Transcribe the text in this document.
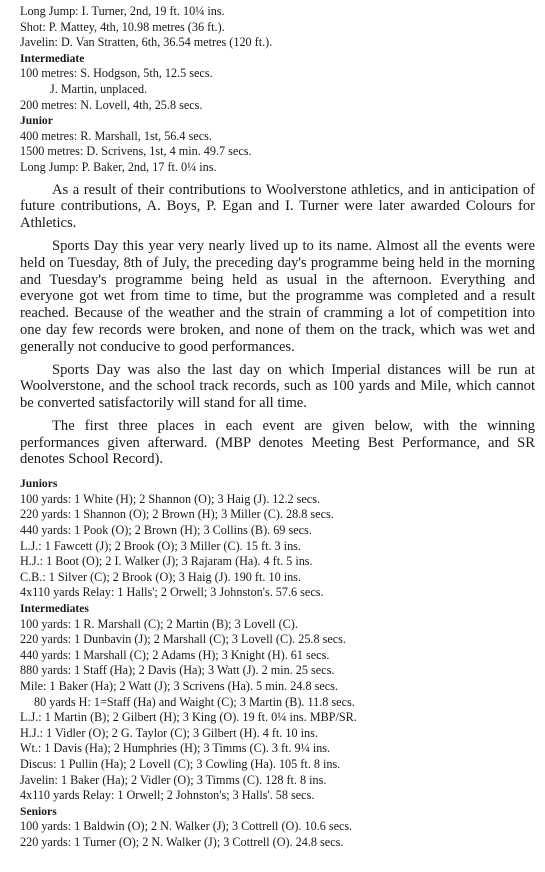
Long Jump: I. Turner, 2nd, 19 ft. 10¼ ins.
Shot: P. Mattey, 4th, 10.98 metres (36 ft.).
Javelin: D. Van Stratten, 6th, 36.54 metres (120 ft.).
Intermediate
100 metres: S. Hodgson, 5th, 12.5 secs.
J. Martin, unplaced.
200 metres: N. Lovell, 4th, 25.8 secs.
Junior
400 metres: R. Marshall, 1st, 56.4 secs.
1500 metres: D. Scrivens, 1st, 4 min. 49.7 secs.
Long Jump: P. Baker, 2nd, 17 ft. 0¼ ins.

As a result of their contributions to Woolverstone athletics, and in anticipation of future contributions, A. Boys, P. Egan and I. Turner were later awarded Colours for Athletics.

Sports Day this year very nearly lived up to its name. Almost all the events were held on Tuesday, 8th of July, the preceding day's programme being held in the morning and Tuesday's programme being held as usual in the afternoon. Everything and everyone got wet from time to time, but the programme was completed and a result reached. Because of the weather and the strain of cramming a lot of competition into one day few records were broken, and none of them on the track, which was wet and generally not conducive to good performances.

Sports Day was also the last day on which Imperial distances will be run at Woolverstone, and the school track records, such as 100 yards and Mile, which cannot be converted satisfactorily will stand for all time.

The first three places in each event are given below, with the winning performances given afterward. (MBP denotes Meeting Best Performance, and SR denotes School Record).

Juniors
100 yards: 1 White (H); 2 Shannon (O); 3 Haig (J). 12.2 secs.
220 yards: 1 Shannon (O); 2 Brown (H); 3 Miller (C). 28.8 secs.
440 yards: 1 Pook (O); 2 Brown (H); 3 Collins (B). 69 secs.
L.J.: 1 Fawcett (J); 2 Brook (O); 3 Miller (C). 15 ft. 3 ins.
H.J.: 1 Boot (O); 2 I. Walker (J); 3 Rajaram (Ha). 4 ft. 5 ins.
C.B.: 1 Silver (C); 2 Brook (O); 3 Haig (J). 190 ft. 10 ins.
4x110 yards Relay: 1 Halls'; 2 Orwell; 3 Johnston's. 57.6 secs.
Intermediates
100 yards: 1 R. Marshall (C); 2 Martin (B); 3 Lovell (C).
220 yards: 1 Dunbavin (J); 2 Marshall (C); 3 Lovell (C). 25.8 secs.
440 yards: 1 Marshall (C); 2 Adams (H); 3 Knight (H). 61 secs.
880 yards: 1 Staff (Ha); 2 Davis (Ha); 3 Watt (J). 2 min. 25 secs.
Mile: 1 Baker (Ha); 2 Watt (J); 3 Scrivens (Ha). 5 min. 24.8 secs.
80 yards H: 1=Staff (Ha) and Waight (C); 3 Martin (B). 11.8 secs.
L.J.: 1 Martin (B); 2 Gilbert (H); 3 King (O). 19 ft. 0¼ ins. MBP/SR.
H.J.: 1 Vidler (O); 2 G. Taylor (C); 3 Gilbert (H). 4 ft. 10 ins.
Wt.: 1 Davis (Ha); 2 Humphries (H); 3 Timms (C). 3 ft. 9¼ ins.
Discus: 1 Pullin (Ha); 2 Lovell (C); 3 Cowling (Ha). 105 ft. 8 ins.
Javelin: 1 Baker (Ha); 2 Vidler (O); 3 Timms (C). 128 ft. 8 ins.
4x110 yards Relay: 1 Orwell; 2 Johnston's; 3 Halls'. 58 secs.
Seniors
100 yards: 1 Baldwin (O); 2 N. Walker (J); 3 Cottrell (O). 10.6 secs.
220 yards: 1 Turner (O); 2 N. Walker (J); 3 Cottrell (O). 24.8 secs.
